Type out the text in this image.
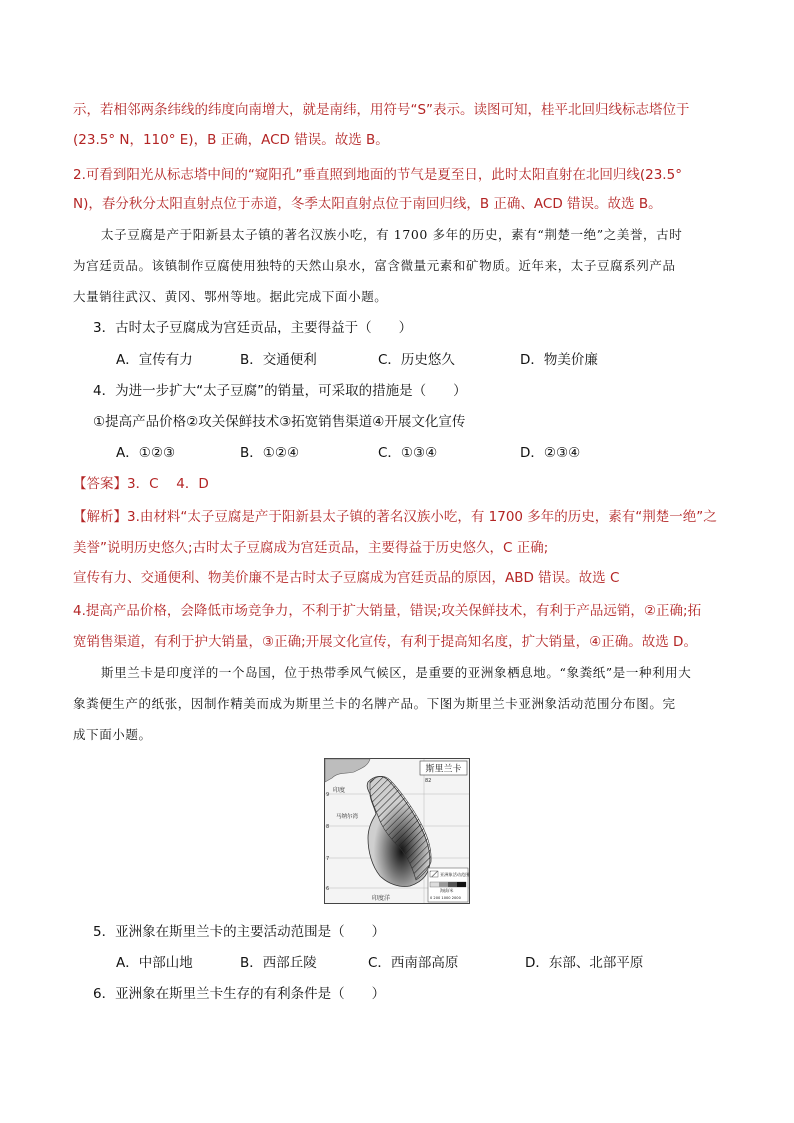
示，若相邻两条纬线的纬度向南增大，就是南纬，用符号“S”表示。读图可知，桂平北回归线标志塔位于
(23.5° N，110° E)，B 正确，ACD 错误。故选 B。
2.可看到阳光从标志塔中间的“窥阳孔”垂直照到地面的节气是夏至日，此时太阳直射在北回归线(23.5°
N)，春分秋分太阳直射点位于赤道，冬季太阳直射点位于南回归线，B 正确、ACD 错误。故选 B。
太子豆腐是产于阳新县太子镇的著名汉族小吃，有 1700 多年的历史，素有“荆楚一绝”之美誉，古时
为宫廷贡品。该镇制作豆腐使用独特的天然山泉水，富含微量元素和矿物质。近年来，太子豆腐系列产品
大量销往武汉、黄冈、鄂州等地。据此完成下面小题。
3．古时太子豆腐成为宫廷贡品，主要得益于（　　）
A．宣传有力	B．交通便利	C．历史悠久	D．物美价廉
4．为进一步扩大“太子豆腐”的销量，可采取的措施是（　　）
①提高产品价格②攻关保鲜技术③拓宽销售渠道④开展文化宣传
A．①②③	B．①②④	C．①③④	D．②③④
【答案】3．C　 4．D
【解析】3.由材料“太子豆腐是产于阳新县太子镇的著名汉族小吃，有 1700 多年的历史，素有“荆楚一绝”之
美誉”说明历史悠久;古时太子豆腐成为宫廷贡品，主要得益于历史悠久，C 正确;
宣传有力、交通便利、物美价廉不是古时太子豆腐成为宫廷贡品的原因，ABD 错误。故选 C
4.提高产品价格，会降低市场竞争力，不利于扩大销量，错误;攻关保鲜技术，有利于产品远销，②正确;拓
宽销售渠道，有利于护大销量，③正确;开展文化宣传，有利于提高知名度，扩大销量，④正确。故选 D。
斯里兰卡是印度洋的一个岛国，位于热带季风气候区，是重要的亚洲象栖息地。“象粪纸”是一种利用大
象粪便生产的纸张，因制作精美而成为斯里兰卡的名牌产品。下图为斯里兰卡亚洲象活动范围分布图。完
成下面小题。
斯里兰卡
印度
马纳尔湾
9
8
7
6
82
亚洲象活动范围
海拔/米
0 200 1000 2000
印度洋
5．亚洲象在斯里兰卡的主要活动范围是（　　）
A．中部山地	B．西部丘陵	C．西南部高原	D．东部、北部平原
6．亚洲象在斯里兰卡生存的有利条件是（　　）
